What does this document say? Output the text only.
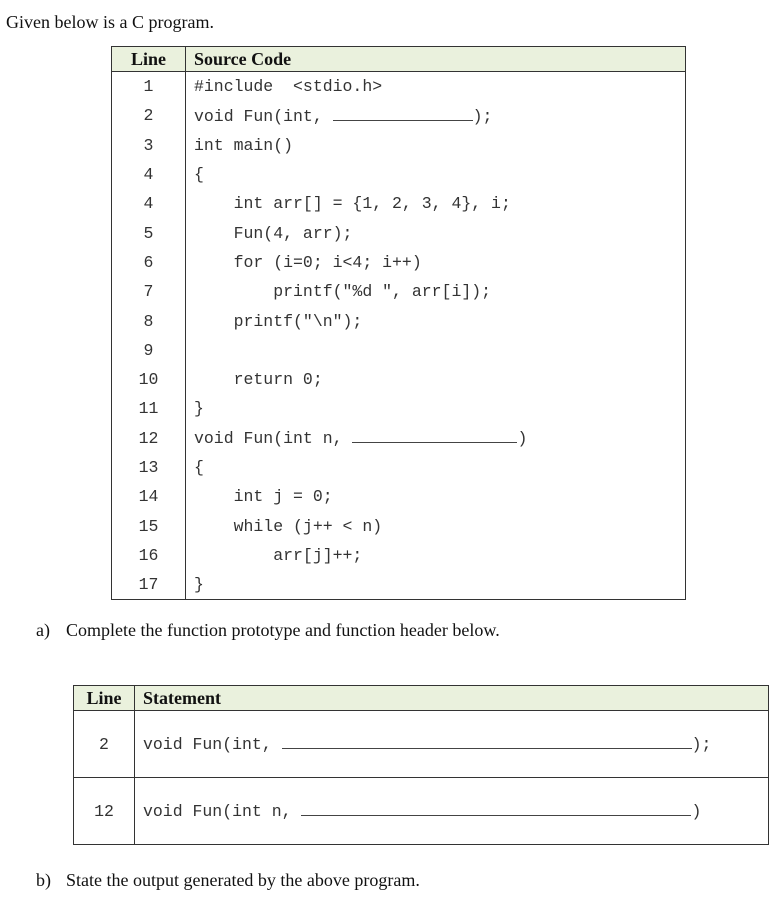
Given below is a C program.
Line	Source Code
1	#include  <stdio.h>
2	void Fun(int, );
3	int main()
4	{
4	int arr[] = {1, 2, 3, 4}, i;
5	Fun(4, arr);
6	for (i=0; i<4; i++)
7	printf("%d ", arr[i]);
8	printf("\n");
9	
10	return 0;
11	}
12	void Fun(int n, )
13	{
14	int j = 0;
15	while (j++ < n)
16	arr[j]++;
17	}
a) Complete the function prototype and function header below.
Line	Statement
2	void Fun(int, );
12	void Fun(int n, )
b) State the output generated by the above program.
